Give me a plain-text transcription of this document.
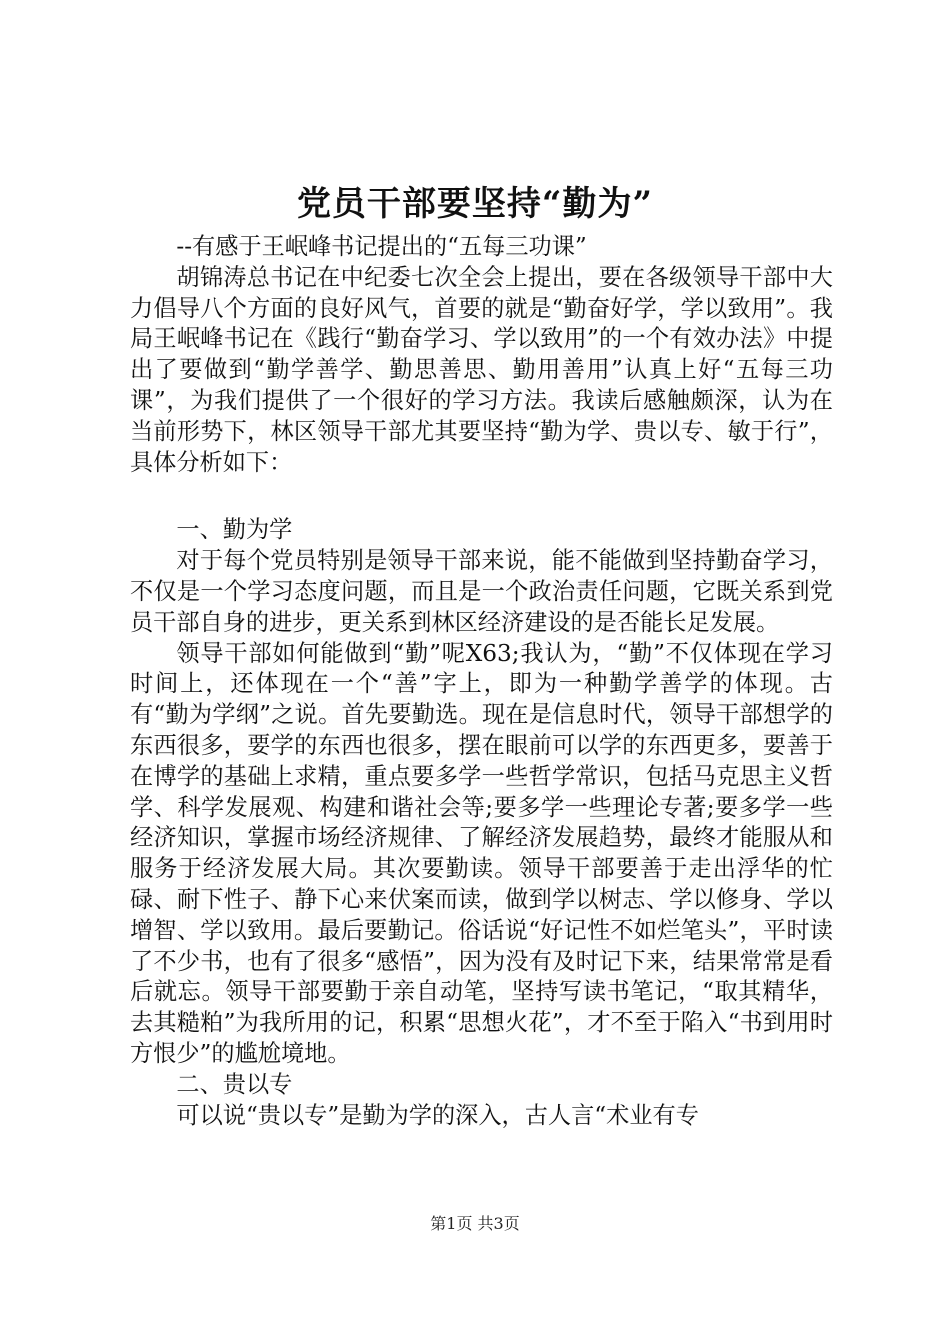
党员干部要坚持“勤为”

--有感于王岷峰书记提出的“五每三功课”

胡锦涛总书记在中纪委七次全会上提出，要在各级领导干部中大力倡导八个方面的良好风气，首要的就是“勤奋好学，学以致用”。我局王岷峰书记在《践行“勤奋学习、学以致用”的一个有效办法》中提出了要做到“勤学善学、勤思善思、勤用善用”认真上好“五每三功课”，为我们提供了一个很好的学习方法。我读后感触颇深，认为在当前形势下，林区领导干部尤其要坚持“勤为学、贵以专、敏于行”，具体分析如下：

一、勤为学

对于每个党员特别是领导干部来说，能不能做到坚持勤奋学习，不仅是一个学习态度问题，而且是一个政治责任问题，它既关系到党员干部自身的进步，更关系到林区经济建设的是否能长足发展。

领导干部如何能做到“勤”呢X63;我认为，“勤”不仅体现在学习时间上，还体现在一个“善”字上，即为一种勤学善学的体现。古有“勤为学纲”之说。首先要勤选。现在是信息时代，领导干部想学的东西很多，要学的东西也很多，摆在眼前可以学的东西更多，要善于在博学的基础上求精，重点要多学一些哲学常识，包括马克思主义哲学、科学发展观、构建和谐社会等;要多学一些理论专著;要多学一些经济知识，掌握市场经济规律、了解经济发展趋势，最终才能服从和服务于经济发展大局。其次要勤读。领导干部要善于走出浮华的忙碌、耐下性子、静下心来伏案而读，做到学以树志、学以修身、学以增智、学以致用。最后要勤记。俗话说“好记性不如烂笔头”，平时读了不少书，也有了很多“感悟”，因为没有及时记下来，结果常常是看后就忘。领导干部要勤于亲自动笔，坚持写读书笔记，“取其精华，去其糙粕”为我所用的记，积累“思想火花”，才不至于陷入“书到用时方恨少”的尴尬境地。

二、贵以专

可以说“贵以专”是勤为学的深入，古人言“术业有专

第1页 共3页
